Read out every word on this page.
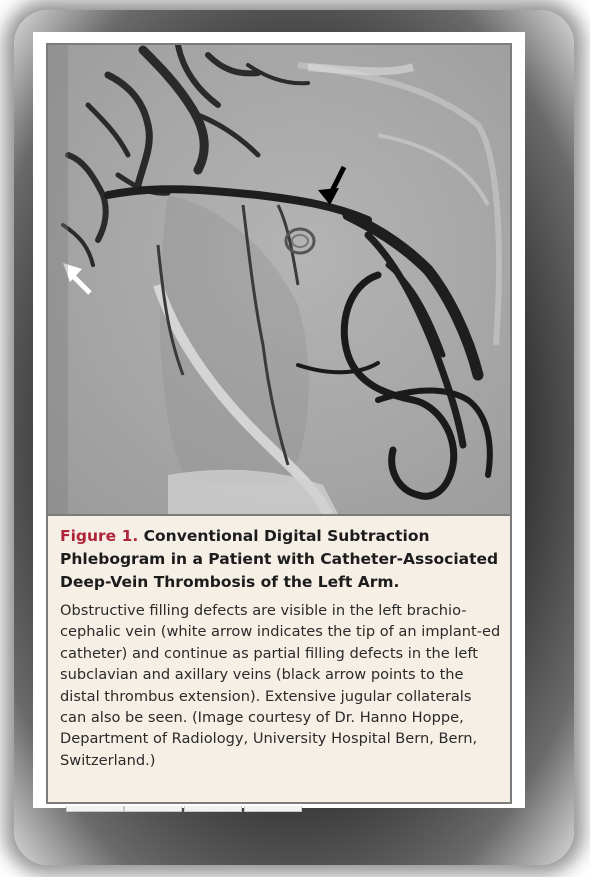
Figure 1. Conventional Digital Subtraction Phlebogram in a Patient with Catheter-Associated Deep-Vein Thrombosis of the Left Arm.

Obstructive filling defects are visible in the left brachio-cephalic vein (white arrow indicates the tip of an implant-ed catheter) and continue as partial filling defects in the left subclavian and axillary veins (black arrow points to the distal thrombus extension). Extensive jugular collaterals can also be seen. (Image courtesy of Dr. Hanno Hoppe, Department of Radiology, University Hospital Bern, Bern, Switzerland.)
